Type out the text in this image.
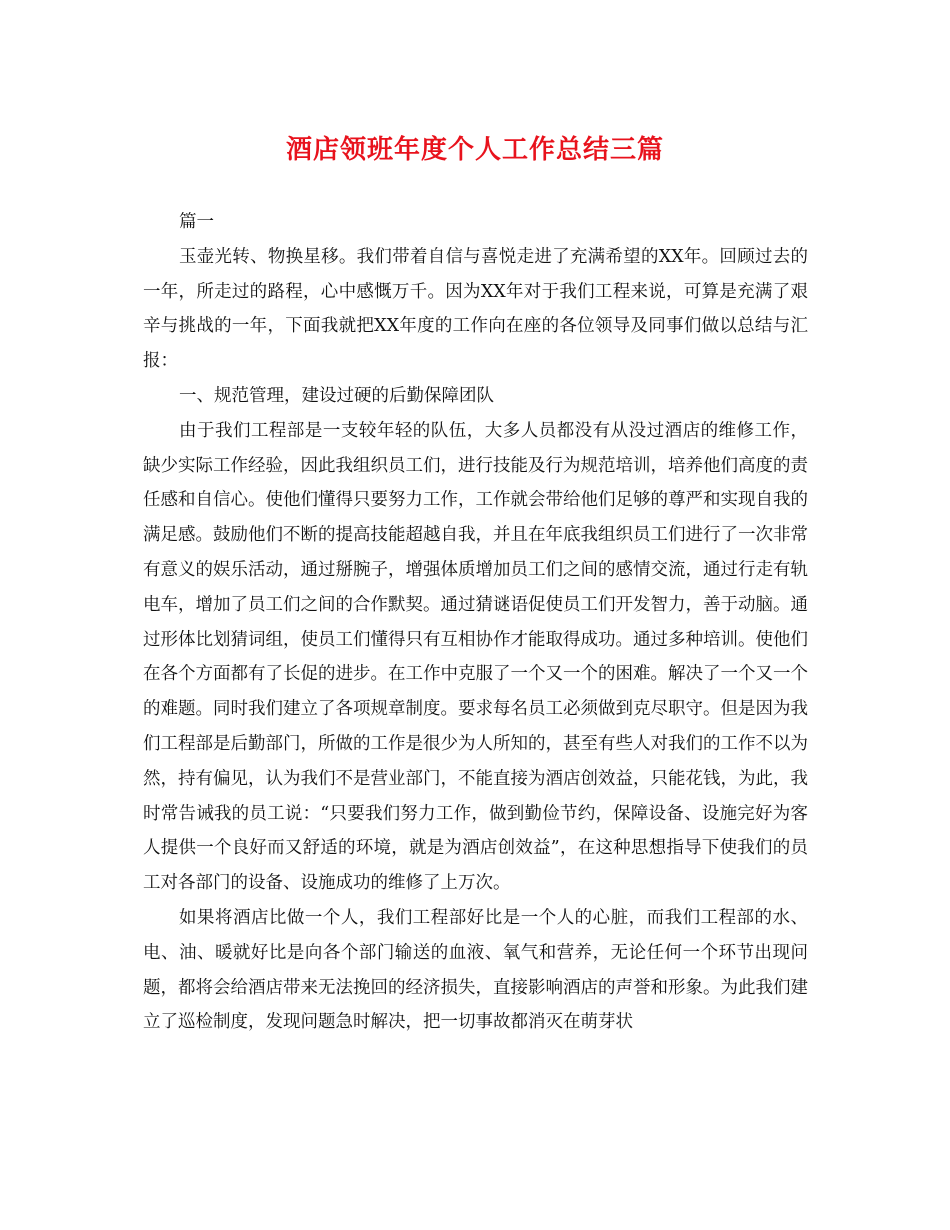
酒店领班年度个人工作总结三篇

篇一

玉壶光转、物换星移。我们带着自信与喜悦走进了充满希望的XX年。回顾过去的一年，所走过的路程，心中感慨万千。因为XX年对于我们工程来说，可算是充满了艰辛与挑战的一年，下面我就把XX年度的工作向在座的各位领导及同事们做以总结与汇报：

一、规范管理，建设过硬的后勤保障团队

由于我们工程部是一支较年轻的队伍，大多人员都没有从没过酒店的维修工作，缺少实际工作经验，因此我组织员工们，进行技能及行为规范培训，培养他们高度的责任感和自信心。使他们懂得只要努力工作，工作就会带给他们足够的尊严和实现自我的满足感。鼓励他们不断的提高技能超越自我，并且在年底我组织员工们进行了一次非常有意义的娱乐活动，通过掰腕子，增强体质增加员工们之间的感情交流，通过行走有轨电车，增加了员工们之间的合作默契。通过猜谜语促使员工们开发智力，善于动脑。通过形体比划猜词组，使员工们懂得只有互相协作才能取得成功。通过多种培训。使他们在各个方面都有了长促的进步。在工作中克服了一个又一个的困难。解决了一个又一个的难题。同时我们建立了各项规章制度。要求每名员工必须做到克尽职守。但是因为我们工程部是后勤部门，所做的工作是很少为人所知的，甚至有些人对我们的工作不以为然，持有偏见，认为我们不是营业部门，不能直接为酒店创效益，只能花钱，为此，我时常告诫我的员工说：“只要我们努力工作，做到勤俭节约，保障设备、设施完好为客人提供一个良好而又舒适的环境，就是为酒店创效益”，在这种思想指导下使我们的员工对各部门的设备、设施成功的维修了上万次。

如果将酒店比做一个人，我们工程部好比是一个人的心脏，而我们工程部的水、电、油、暖就好比是向各个部门输送的血液、氧气和营养，无论任何一个环节出现问题，都将会给酒店带来无法挽回的经济损失，直接影响酒店的声誉和形象。为此我们建立了巡检制度，发现问题急时解决，把一切事故都消灭在萌芽状
